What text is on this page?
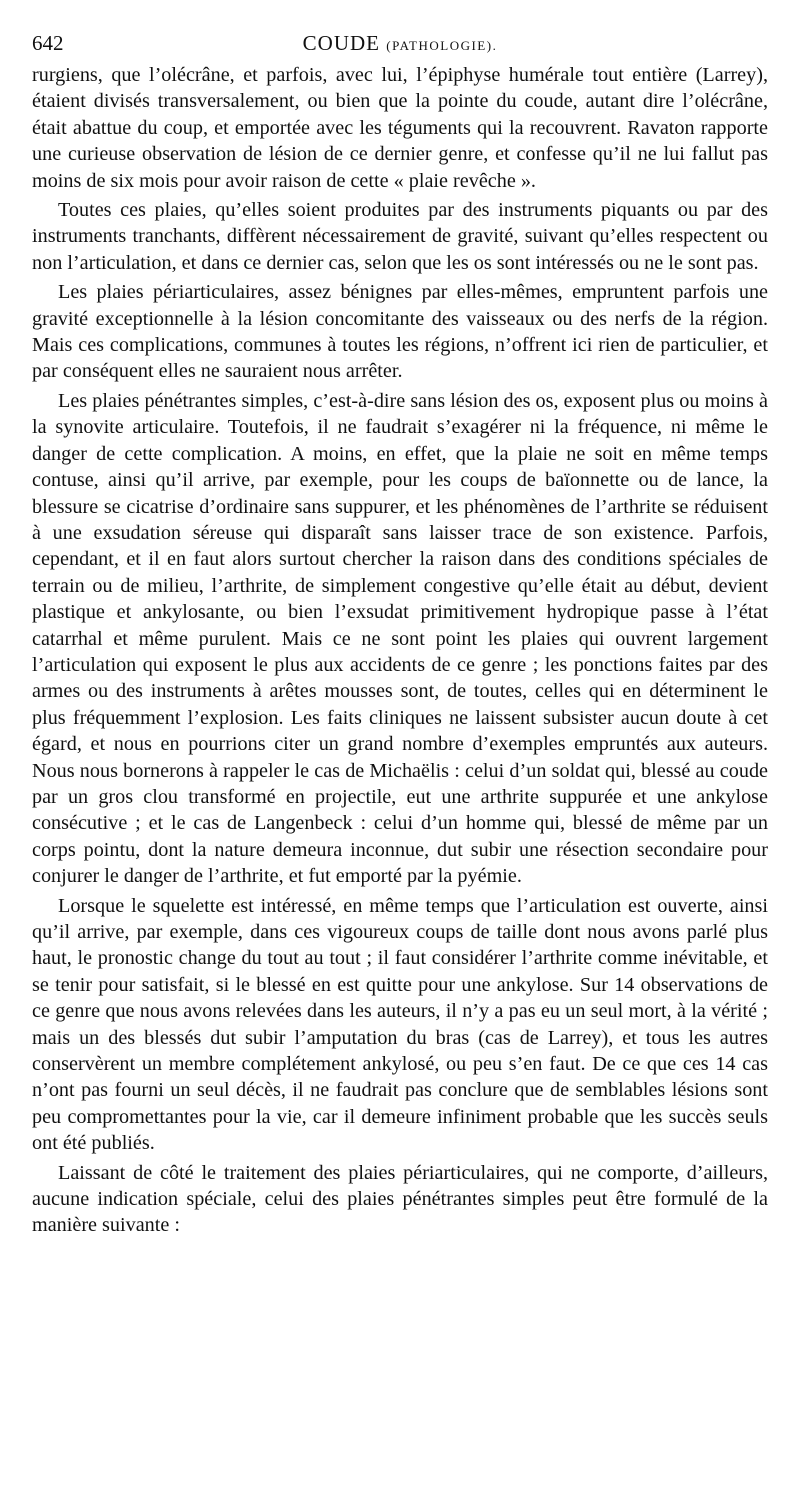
642	COUDE (PATHOLOGIE).

rurgiens, que l’olécrâne, et parfois, avec lui, l’épiphyse humérale tout entière (Larrey), étaient divisés transversalement, ou bien que la pointe du coude, autant dire l’olécrâne, était abattue du coup, et emportée avec les téguments qui la recouvrent. Ravaton rapporte une curieuse observation de lésion de ce dernier genre, et confesse qu’il ne lui fallut pas moins de six mois pour avoir raison de cette « plaie revêche ».

Toutes ces plaies, qu’elles soient produites par des instruments piquants ou par des instruments tranchants, diffèrent nécessairement de gravité, suivant qu’elles respectent ou non l’articulation, et dans ce dernier cas, selon que les os sont intéressés ou ne le sont pas.

Les plaies périarticulaires, assez bénignes par elles-mêmes, empruntent parfois une gravité exceptionnelle à la lésion concomitante des vaisseaux ou des nerfs de la région. Mais ces complications, communes à toutes les régions, n’offrent ici rien de particulier, et par conséquent elles ne sauraient nous arrêter.

Les plaies pénétrantes simples, c’est-à-dire sans lésion des os, exposent plus ou moins à la synovite articulaire. Toutefois, il ne faudrait s’exagérer ni la fréquence, ni même le danger de cette complication. A moins, en effet, que la plaie ne soit en même temps contuse, ainsi qu’il arrive, par exemple, pour les coups de baïonnette ou de lance, la blessure se cicatrise d’ordinaire sans suppurer, et les phénomènes de l’arthrite se réduisent à une exsudation séreuse qui disparaît sans laisser trace de son existence. Parfois, cependant, et il en faut alors surtout chercher la raison dans des conditions spéciales de terrain ou de milieu, l’arthrite, de simplement congestive qu’elle était au début, devient plastique et ankylosante, ou bien l’exsudat primitivement hydropique passe à l’état catarrhal et même purulent. Mais ce ne sont point les plaies qui ouvrent largement l’articulation qui exposent le plus aux accidents de ce genre ; les ponctions faites par des armes ou des instruments à arêtes mousses sont, de toutes, celles qui en déterminent le plus fréquemment l’explosion. Les faits cliniques ne laissent subsister aucun doute à cet égard, et nous en pourrions citer un grand nombre d’exemples empruntés aux auteurs. Nous nous bornerons à rappeler le cas de Michaëlis : celui d’un soldat qui, blessé au coude par un gros clou transformé en projectile, eut une arthrite suppurée et une ankylose consécutive ; et le cas de Langenbeck : celui d’un homme qui, blessé de même par un corps pointu, dont la nature demeura inconnue, dut subir une résection secondaire pour conjurer le danger de l’arthrite, et fut emporté par la pyémie.

Lorsque le squelette est intéressé, en même temps que l’articulation est ouverte, ainsi qu’il arrive, par exemple, dans ces vigoureux coups de taille dont nous avons parlé plus haut, le pronostic change du tout au tout ; il faut considérer l’arthrite comme inévitable, et se tenir pour satisfait, si le blessé en est quitte pour une ankylose. Sur 14 observations de ce genre que nous avons relevées dans les auteurs, il n’y a pas eu un seul mort, à la vérité ; mais un des blessés dut subir l’amputation du bras (cas de Larrey), et tous les autres conservèrent un membre complétement ankylosé, ou peu s’en faut. De ce que ces 14 cas n’ont pas fourni un seul décès, il ne faudrait pas conclure que de semblables lésions sont peu compromettantes pour la vie, car il demeure infiniment probable que les succès seuls ont été publiés.

Laissant de côté le traitement des plaies périarticulaires, qui ne comporte, d’ailleurs, aucune indication spéciale, celui des plaies pénétrantes simples peut être formulé de la manière suivante :
